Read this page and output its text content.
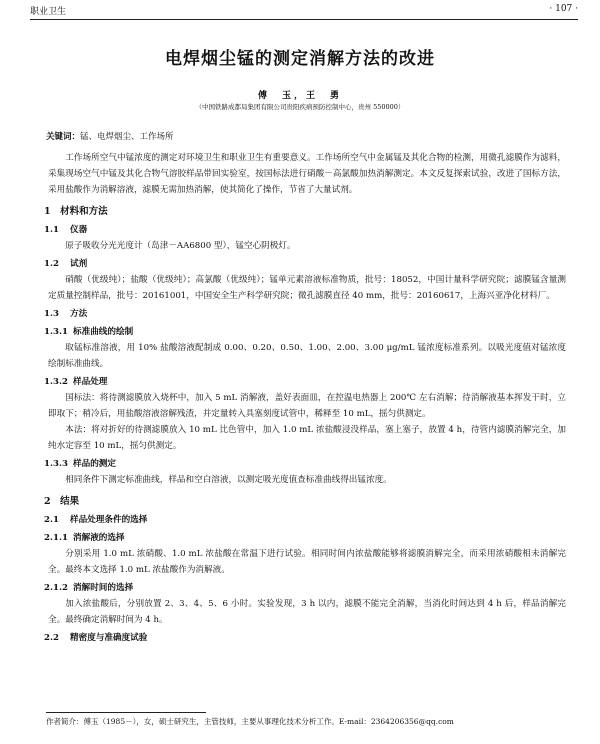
职业卫生	· 107 ·
电焊烟尘锰的测定消解方法的改进
傅　玉，王　勇
（中国铁路成都局集团有限公司贵阳疾病预防控制中心，贵州 550000）
关键词：锰、电焊烟尘、工作场所

工作场所空气中锰浓度的测定对环境卫生和职业卫生有重要意义。工作场所空气中金属锰及其化合物的检测，用微孔滤膜作为滤料，采集现场空气中锰及其化合物气溶胶样品带回实验室，按国标法进行硝酸－高氯酸加热消解测定。本文反复探索试验，改进了国标方法，采用盐酸作为消解溶液，滤膜无需加热消解，使其简化了操作，节省了大量试剂。

1　 材料和方法
1.1 仪器

原子吸收分光光度计（岛津－AA6800 型），锰空心阴极灯。

1.2 试剂

硝酸（优级纯）；盐酸（优级纯）；高氯酸（优级纯）；锰单元素溶液标准物质，批号：18052，中国计量科学研究院；滤膜锰含量测定质量控制样品，批号：20161001，中国安全生产科学研究院；微孔滤膜直径 40 mm，批号：20160617，上海兴亚净化材料厂。

1.3 方法
1.3.1 标准曲线的绘制

取锰标准溶液，用 10% 盐酸溶液配制成 0.00、0.20、0.50、1.00、2.00、3.00 μg/mL 锰浓度标准系列。以吸光度值对锰浓度绘制标准曲线。

1.3.2 样品处理

国标法：将待测滤膜放入烧杯中，加入 5 mL 消解液，盖好表面皿，在控温电热器上 200℃ 左右消解；待消解液基本挥发干时，立即取下；稍冷后，用盐酸溶液溶解残渣，并定量转入具塞刻度试管中，稀释至 10 mL，摇匀供测定。

本法：将对折好的待测滤膜放入 10 mL 比色管中，加入 1.0 mL 浓盐酸浸没样品，塞上塞子，放置 4 h，待管内滤膜消解完全，加纯水定容至 10 mL，摇匀供测定。

1.3.3 样品的测定

相同条件下测定标准曲线，样品和空白溶液，以测定吸光度值查标准曲线得出锰浓度。

2　 结果
2.1 样品处理条件的选择
2.1.1 消解液的选择

分别采用 1.0 mL 浓硝酸、1.0 mL 浓盐酸在常温下进行试验。相同时间内浓盐酸能够将滤膜消解完全，而采用浓硝酸相未消解完全。最终本文选择 1.0 mL 浓盐酸作为消解液。

2.1.2 消解时间的选择

加入浓盐酸后，分别放置 2、3、4、5、6 小时。实验发现，3 h 以内，滤膜不能完全消解，当消化时间达到 4 h 后，样品消解完全。最终确定消解时间为 4 h。

2.2 精密度与准确度试验
作者简介：傅玉（1985－），女，硕士研究生，主管技师，主要从事理化技术分析工作。E-mail：2364206356@qq.com
